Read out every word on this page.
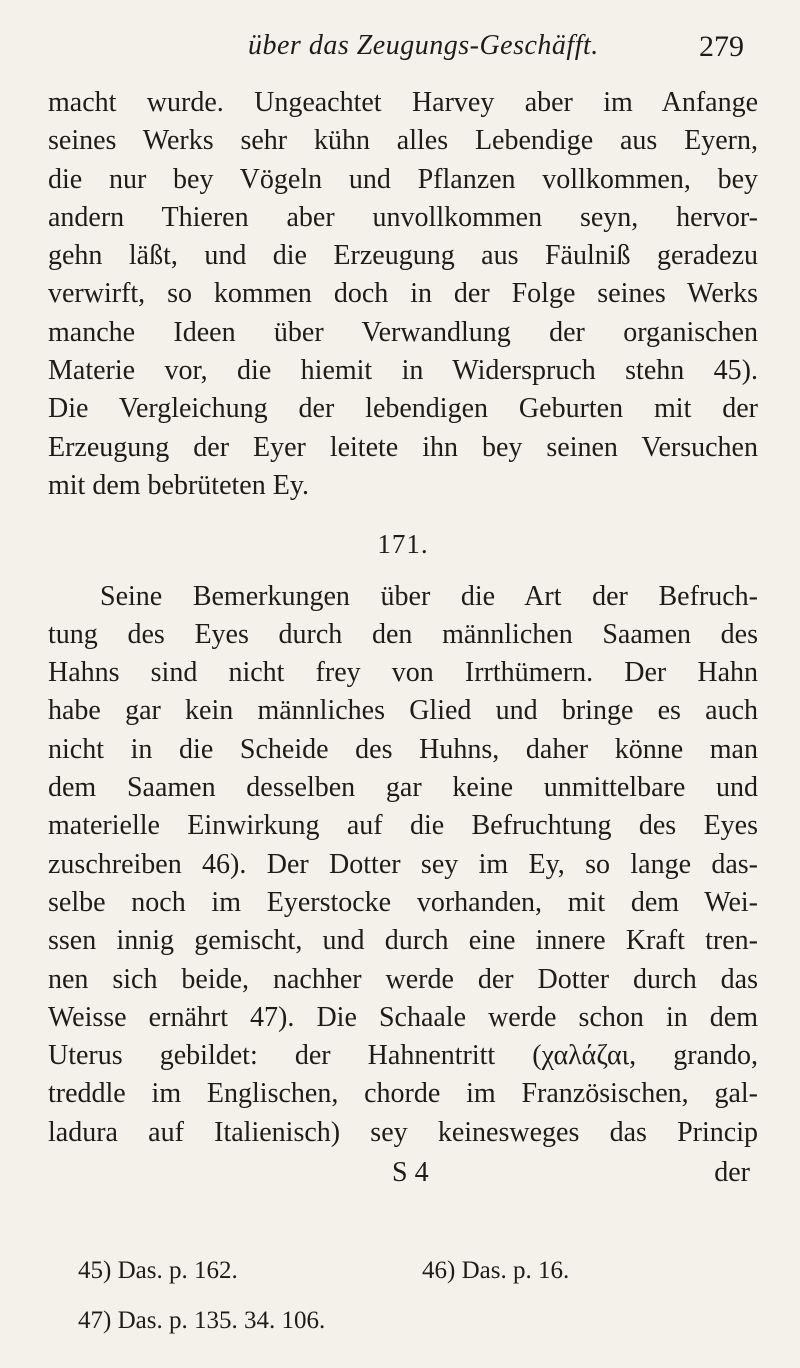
über das Zeugungs-Geschäfft.	279
macht wurde. Ungeachtet Harvey aber im Anfange
seines Werks sehr kühn alles Lebendige aus Eyern,
die nur bey Vögeln und Pflanzen vollkommen, bey
andern Thieren aber unvollkommen seyn, hervor-
gehn läßt, und die Erzeugung aus Fäulniß geradezu
verwirft, so kommen doch in der Folge seines Werks
manche Ideen über Verwandlung der organischen
Materie vor, die hiemit in Widerspruch stehn 45).
Die Vergleichung der lebendigen Geburten mit der
Erzeugung der Eyer leitete ihn bey seinen Versuchen
mit dem bebrüteten Ey.
171.
Seine Bemerkungen über die Art der Befruch-
tung des Eyes durch den männlichen Saamen des
Hahns sind nicht frey von Irrthümern. Der Hahn
habe gar kein männliches Glied und bringe es auch
nicht in die Scheide des Huhns, daher könne man
dem Saamen desselben gar keine unmittelbare und
materielle Einwirkung auf die Befruchtung des Eyes
zuschreiben 46). Der Dotter sey im Ey, so lange das-
selbe noch im Eyerstocke vorhanden, mit dem Wei-
ssen innig gemischt, und durch eine innere Kraft tren-
nen sich beide, nachher werde der Dotter durch das
Weisse ernährt 47). Die Schaale werde schon in dem
Uterus gebildet: der Hahnentritt (χαλάζαι, grando,
treddle im Englischen, chorde im Französischen, gal-
ladura auf Italienisch) sey keinesweges das Princip
S 4	der
45) Das. p. 162.	46) Das. p. 16.
47) Das. p. 135. 34. 106.
